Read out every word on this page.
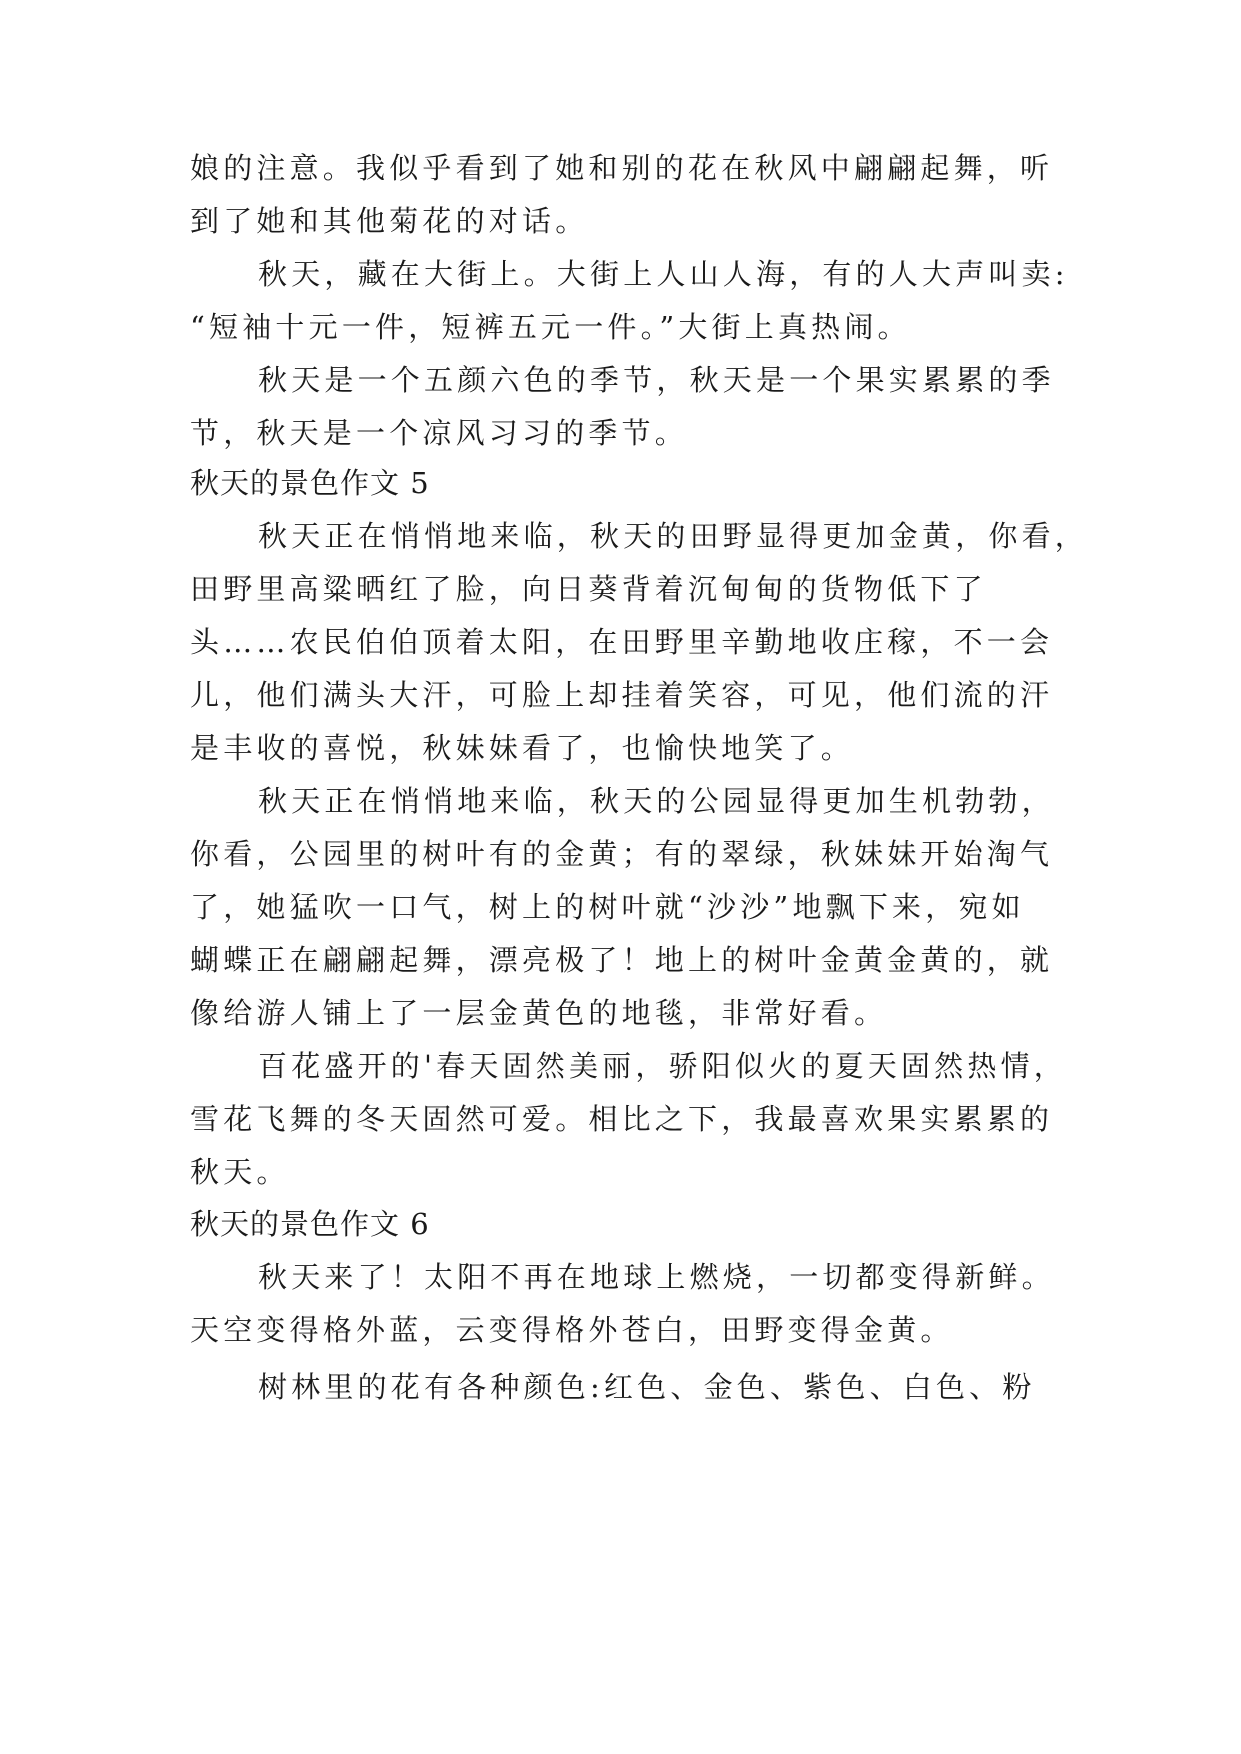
娘的注意。我似乎看到了她和别的花在秋风中翩翩起舞，听
到了她和其他菊花的对话。
秋天，藏在大街上。大街上人山人海，有的人大声叫卖:
“短袖十元一件，短裤五元一件。”大街上真热闹。
秋天是一个五颜六色的季节，秋天是一个果实累累的季
节，秋天是一个凉风习习的季节。
秋天的景色作文 5
秋天正在悄悄地来临，秋天的田野显得更加金黄，你看，
田野里高粱晒红了脸，向日葵背着沉甸甸的货物低下了
头……农民伯伯顶着太阳，在田野里辛勤地收庄稼，不一会
儿，他们满头大汗，可脸上却挂着笑容，可见，他们流的汗
是丰收的喜悦，秋妹妹看了，也愉快地笑了。
秋天正在悄悄地来临，秋天的公园显得更加生机勃勃，
你看，公园里的树叶有的金黄；有的翠绿，秋妹妹开始淘气
了，她猛吹一口气，树上的树叶就“沙沙”地飘下来，宛如
蝴蝶正在翩翩起舞，漂亮极了！地上的树叶金黄金黄的，就
像给游人铺上了一层金黄色的地毯，非常好看。
百花盛开的'春天固然美丽，骄阳似火的夏天固然热情，
雪花飞舞的冬天固然可爱。相比之下，我最喜欢果实累累的
秋天。
秋天的景色作文 6
秋天来了！太阳不再在地球上燃烧，一切都变得新鲜。
天空变得格外蓝，云变得格外苍白，田野变得金黄。
树林里的花有各种颜色:红色、金色、紫色、白色、粉
